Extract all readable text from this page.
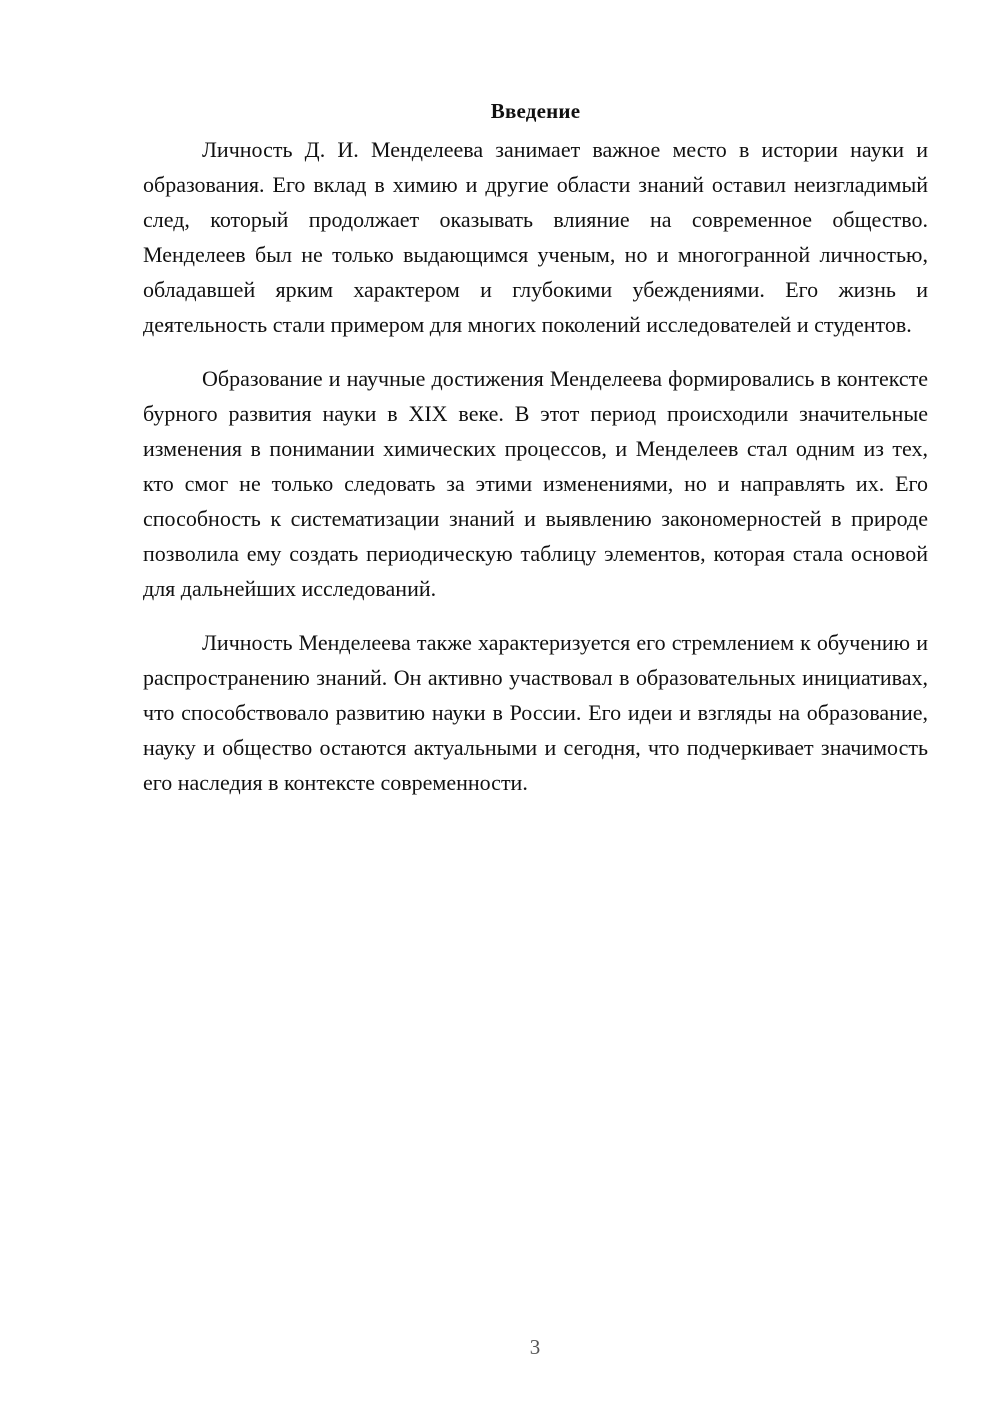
Введение

Личность Д. И. Менделеева занимает важное место в истории науки и образования. Его вклад в химию и другие области знаний оставил неизгладимый след, который продолжает оказывать влияние на современное общество. Менделеев был не только выдающимся ученым, но и многогранной личностью, обладавшей ярким характером и глубокими убеждениями. Его жизнь и деятельность стали примером для многих поколений исследователей и студентов.

Образование и научные достижения Менделеева формировались в контексте бурного развития науки в XIX веке. В этот период происходили значительные изменения в понимании химических процессов, и Менделеев стал одним из тех, кто смог не только следовать за этими изменениями, но и направлять их. Его способность к систематизации знаний и выявлению закономерностей в природе позволила ему создать периодическую таблицу элементов, которая стала основой для дальнейших исследований.

Личность Менделеева также характеризуется его стремлением к обучению и распространению знаний. Он активно участвовал в образовательных инициативах, что способствовало развитию науки в России. Его идеи и взгляды на образование, науку и общество остаются актуальными и сегодня, что подчеркивает значимость его наследия в контексте современности.

3
